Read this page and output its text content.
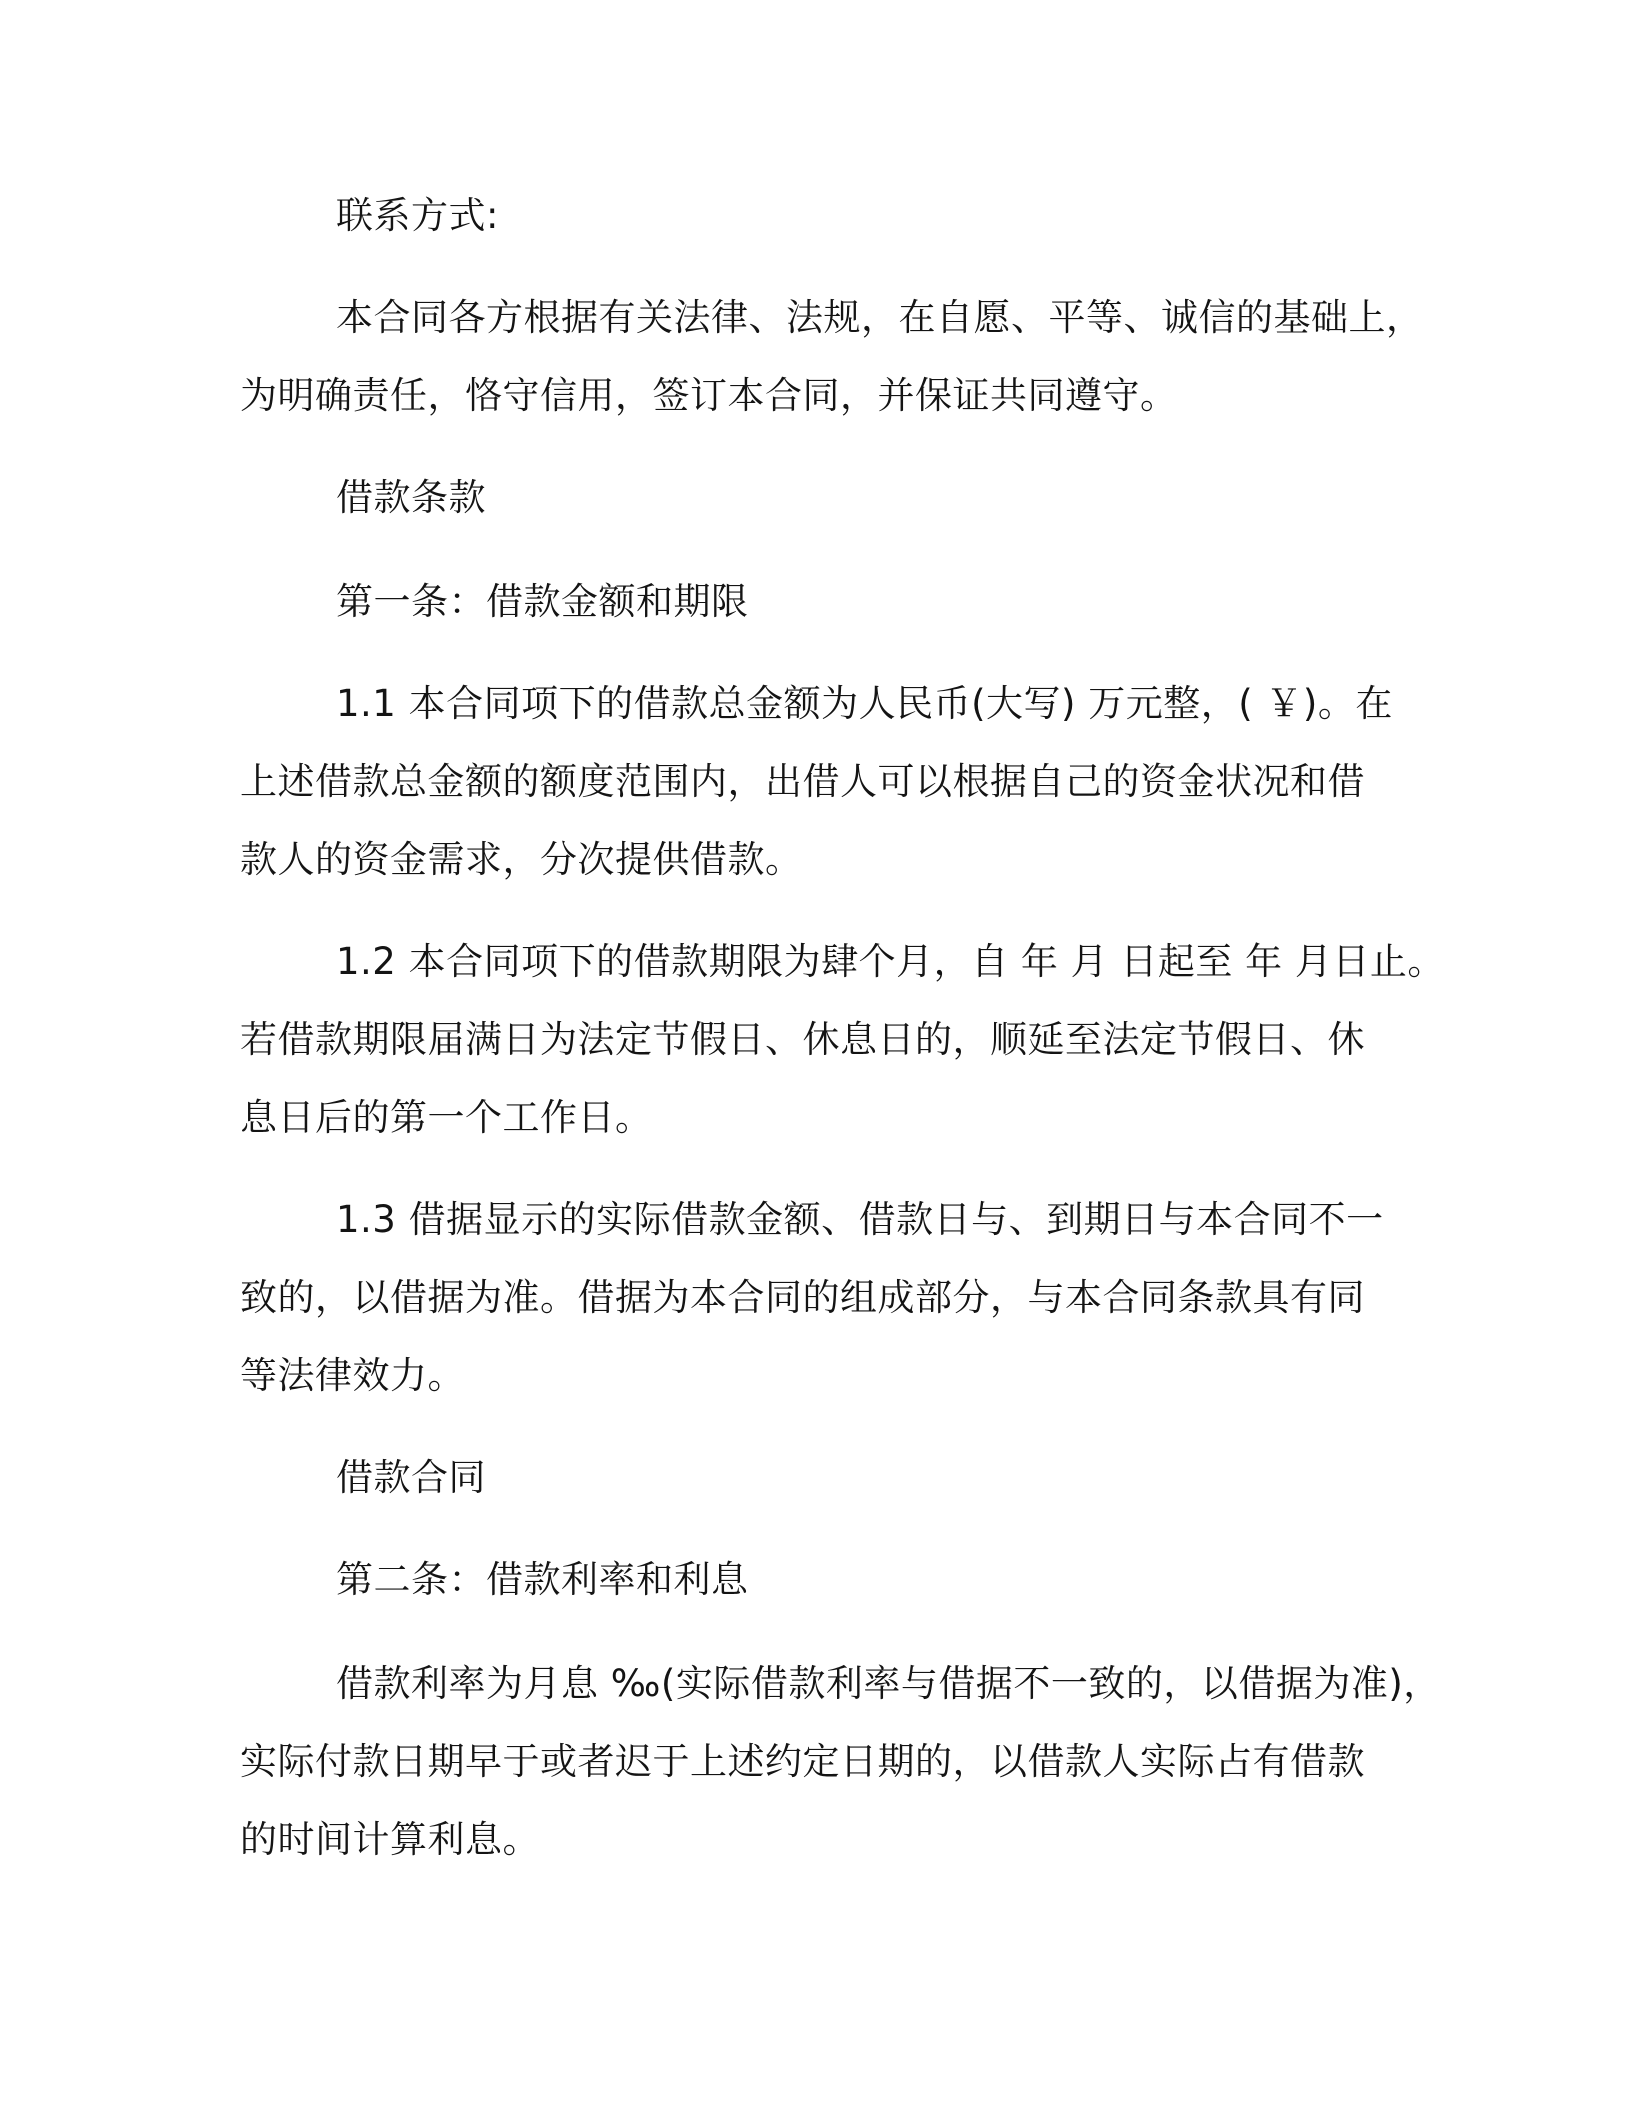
联系方式:
本合同各方根据有关法律、法规，在自愿、平等、诚信的基础上，
为明确责任，恪守信用，签订本合同，并保证共同遵守。
借款条款
第一条：借款金额和期限
1.1 本合同项下的借款总金额为人民币(大写) 万元整，( ￥)。在
上述借款总金额的额度范围内，出借人可以根据自己的资金状况和借
款人的资金需求，分次提供借款。
1.2 本合同项下的借款期限为肆个月，自 年 月 日起至 年 月日止。
若借款期限届满日为法定节假日、休息日的，顺延至法定节假日、休
息日后的第一个工作日。
1.3 借据显示的实际借款金额、借款日与、到期日与本合同不一
致的，以借据为准。借据为本合同的组成部分，与本合同条款具有同
等法律效力。
借款合同
第二条：借款利率和利息
借款利率为月息 ‰(实际借款利率与借据不一致的，以借据为准)，
实际付款日期早于或者迟于上述约定日期的，以借款人实际占有借款
的时间计算利息。
